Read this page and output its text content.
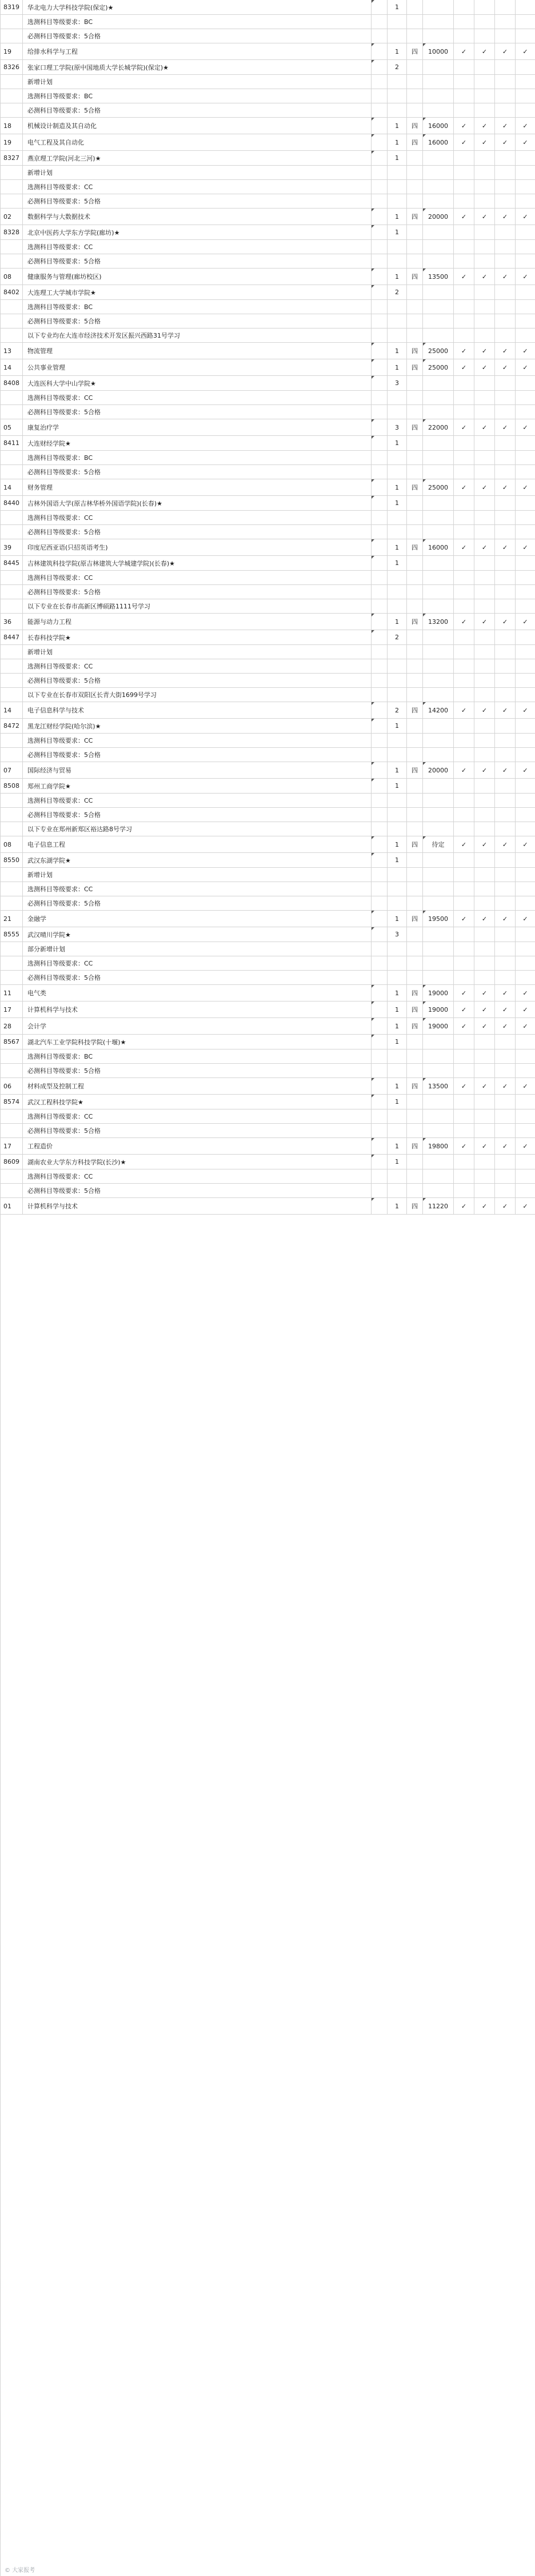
8319	华北电力大学科技学院(保定)★	1
选测科目等级要求：BC
必测科目等级要求：5合格
19	给排水科学与工程	1	四	10000	✓	✓	✓	✓
8326	张家口理工学院(原中国地质大学长城学院)(保定)★	2
新增计划
选测科目等级要求：BC
必测科目等级要求：5合格
18	机械设计制造及其自动化	1	四	16000	✓	✓	✓	✓
19	电气工程及其自动化	1	四	16000	✓	✓	✓	✓
8327	燕京理工学院(河北三河)★	1
新增计划
选测科目等级要求：CC
必测科目等级要求：5合格
02	数据科学与大数据技术	1	四	20000	✓	✓	✓	✓
8328	北京中医药大学东方学院(廊坊)★	1
选测科目等级要求：CC
必测科目等级要求：5合格
08	健康服务与管理(廊坊校区)	1	四	13500	✓	✓	✓	✓
8402	大连理工大学城市学院★	2
选测科目等级要求：BC
必测科目等级要求：5合格
以下专业均在大连市经济技术开发区振兴西路31号学习
13	物流管理	1	四	25000	✓	✓	✓	✓
14	公共事业管理	1	四	25000	✓	✓	✓	✓
8408	大连医科大学中山学院★	3
选测科目等级要求：CC
必测科目等级要求：5合格
05	康复治疗学	3	四	22000	✓	✓	✓	✓
8411	大连财经学院★	1
选测科目等级要求：BC
必测科目等级要求：5合格
14	财务管理	1	四	25000	✓	✓	✓	✓
8440	吉林外国语大学(原吉林华桥外国语学院)(长春)★	1
选测科目等级要求：CC
必测科目等级要求：5合格
39	印度尼西亚语(只招英语考生)	1	四	16000	✓	✓	✓	✓
8445	吉林建筑科技学院(原吉林建筑大学城建学院)(长春)★	1
选测科目等级要求：CC
必测科目等级要求：5合格
以下专业在长春市高新区博硕路1111号学习
36	能源与动力工程	1	四	13200	✓	✓	✓	✓
8447	长春科技学院★	2
新增计划
选测科目等级要求：CC
必测科目等级要求：5合格
以下专业在长春市双阳区长青大街1699号学习
14	电子信息科学与技术	2	四	14200	✓	✓	✓	✓
8472	黑龙江财经学院(哈尔滨)★	1
选测科目等级要求：CC
必测科目等级要求：5合格
07	国际经济与贸易	1	四	20000	✓	✓	✓	✓
8508	郑州工商学院★	1
选测科目等级要求：CC
必测科目等级要求：5合格
以下专业在郑州新郑区裕达路8号学习
08	电子信息工程	1	四	待定	✓	✓	✓	✓
8550	武汉东湖学院★	1
新增计划
选测科目等级要求：CC
必测科目等级要求：5合格
21	金融学	1	四	19500	✓	✓	✓	✓
8555	武汉晴川学院★	3
部分新增计划
选测科目等级要求：CC
必测科目等级要求：5合格
11	电气类	1	四	19000	✓	✓	✓	✓
17	计算机科学与技术	1	四	19000	✓	✓	✓	✓
28	会计学	1	四	19000	✓	✓	✓	✓
8567	湖北汽车工业学院科技学院(十堰)★	1
选测科目等级要求：BC
必测科目等级要求：5合格
06	材料成型及控制工程	1	四	13500	✓	✓	✓	✓
8574	武汉工程科技学院★	1
选测科目等级要求：CC
必测科目等级要求：5合格
17	工程造价	1	四	19800	✓	✓	✓	✓
8609	湖南农业大学东方科技学院(长沙)★	1
选测科目等级要求：CC
必测科目等级要求：5合格
01	计算机科学与技术	1	四	11220	✓	✓	✓	✓
© 大家报考
